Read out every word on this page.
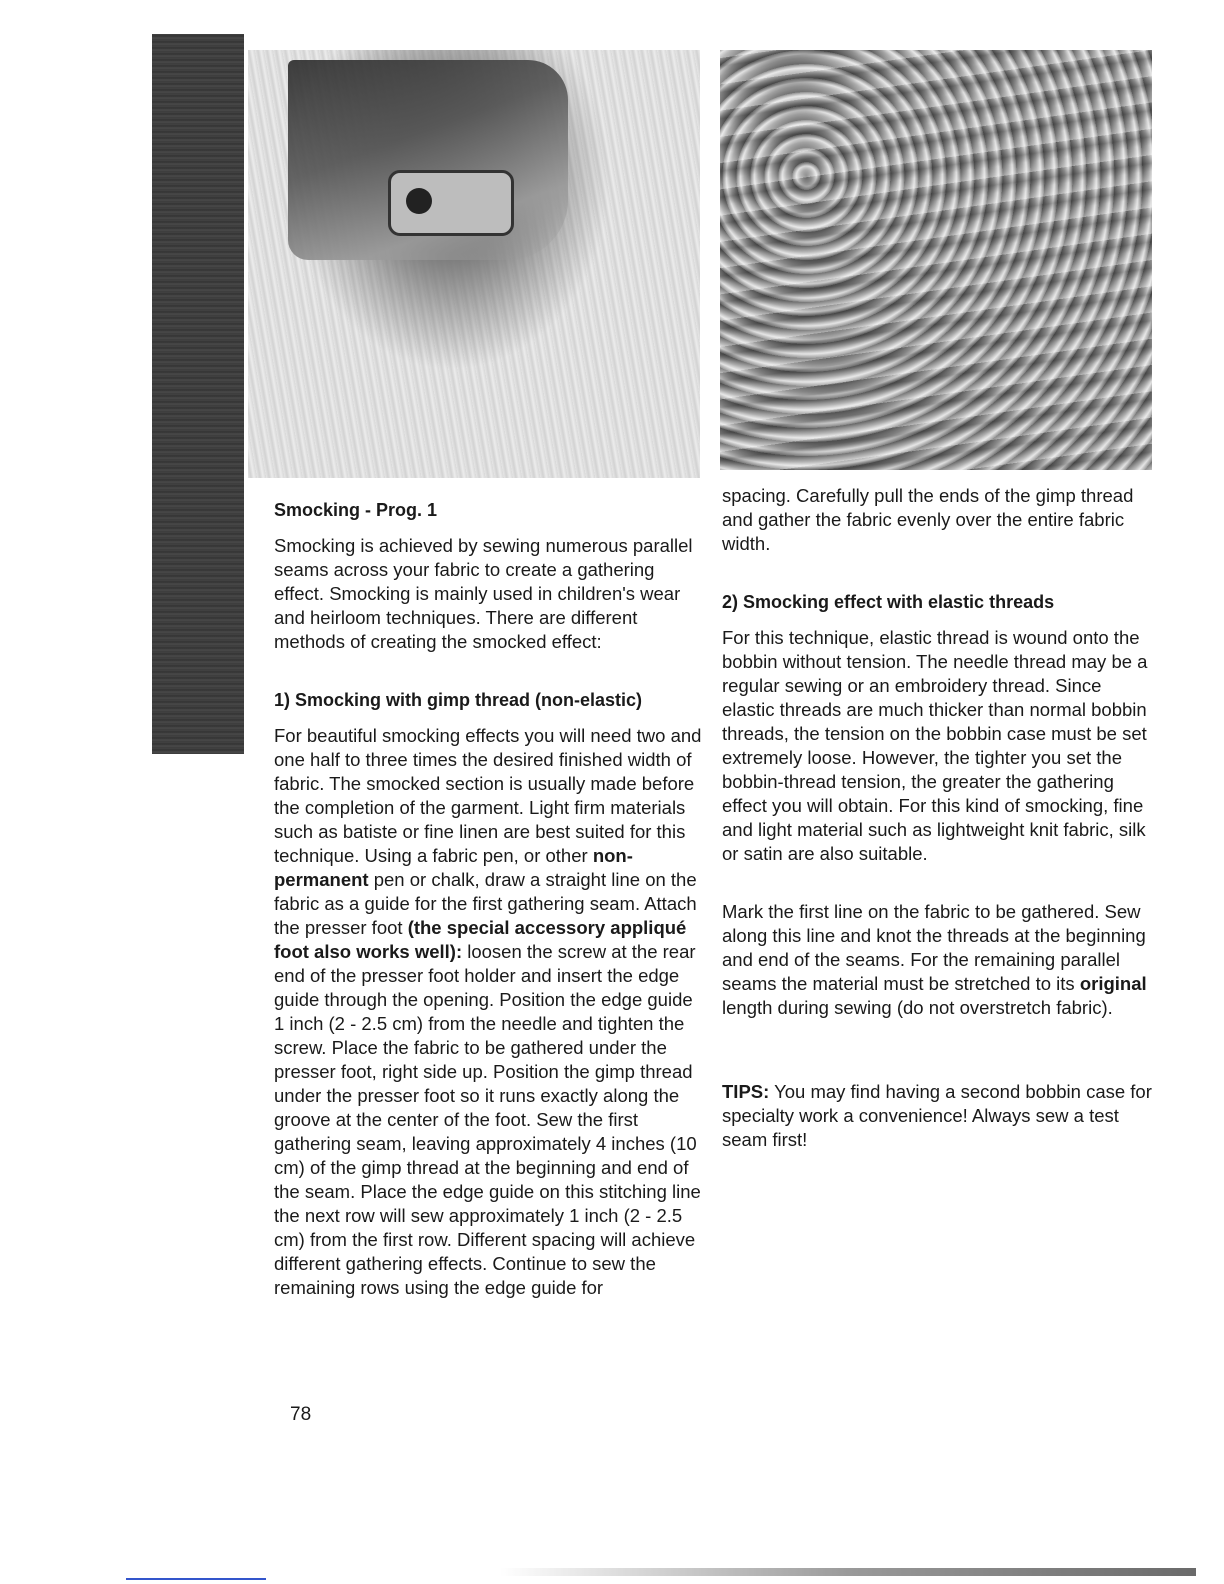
Smocking - Prog. 1

Smocking is achieved by sewing numerous parallel seams across your fabric to create a gathering effect. Smocking is mainly used in children's wear and heirloom techniques. There are different methods of creating the smocked effect:

1) Smocking with gimp thread (non-elastic)

For beautiful smocking effects you will need two and one half to three times the desired finished width of fabric. The smocked section is usually made before the completion of the garment. Light firm materials such as batiste or fine linen are best suited for this technique. Using a fabric pen, or other non-permanent pen or chalk, draw a straight line on the fabric as a guide for the first gathering seam. Attach the presser foot (the special accessory appliqué foot also works well): loosen the screw at the rear end of the presser foot holder and insert the edge guide through the opening. Position the edge guide 1 inch (2 - 2.5 cm) from the needle and tighten the screw. Place the fabric to be gathered under the presser foot, right side up. Position the gimp thread under the presser foot so it runs exactly along the groove at the center of the foot. Sew the first gathering seam, leaving approximately 4 inches (10 cm) of the gimp thread at the beginning and end of the seam. Place the edge guide on this stitching line the next row will sew approximately 1 inch (2 - 2.5 cm) from the first row. Different spacing will achieve different gathering effects. Continue to sew the remaining rows using the edge guide for

spacing. Carefully pull the ends of the gimp thread and gather the fabric evenly over the entire fabric width.

2) Smocking effect with elastic threads

For this technique, elastic thread is wound onto the bobbin without tension. The needle thread may be a regular sewing or an embroidery thread. Since elastic threads are much thicker than normal bobbin threads, the tension on the bobbin case must be set extremely loose. However, the tighter you set the bobbin-thread tension, the greater the gathering effect you will obtain. For this kind of smocking, fine and light material such as lightweight knit fabric, silk or satin are also suitable.

Mark the first line on the fabric to be gathered. Sew along this line and knot the threads at the beginning and end of the seams. For the remaining parallel seams the material must be stretched to its original length during sewing (do not overstretch fabric).

TIPS: You may find having a second bobbin case for specialty work a convenience! Always sew a test seam first!

78
